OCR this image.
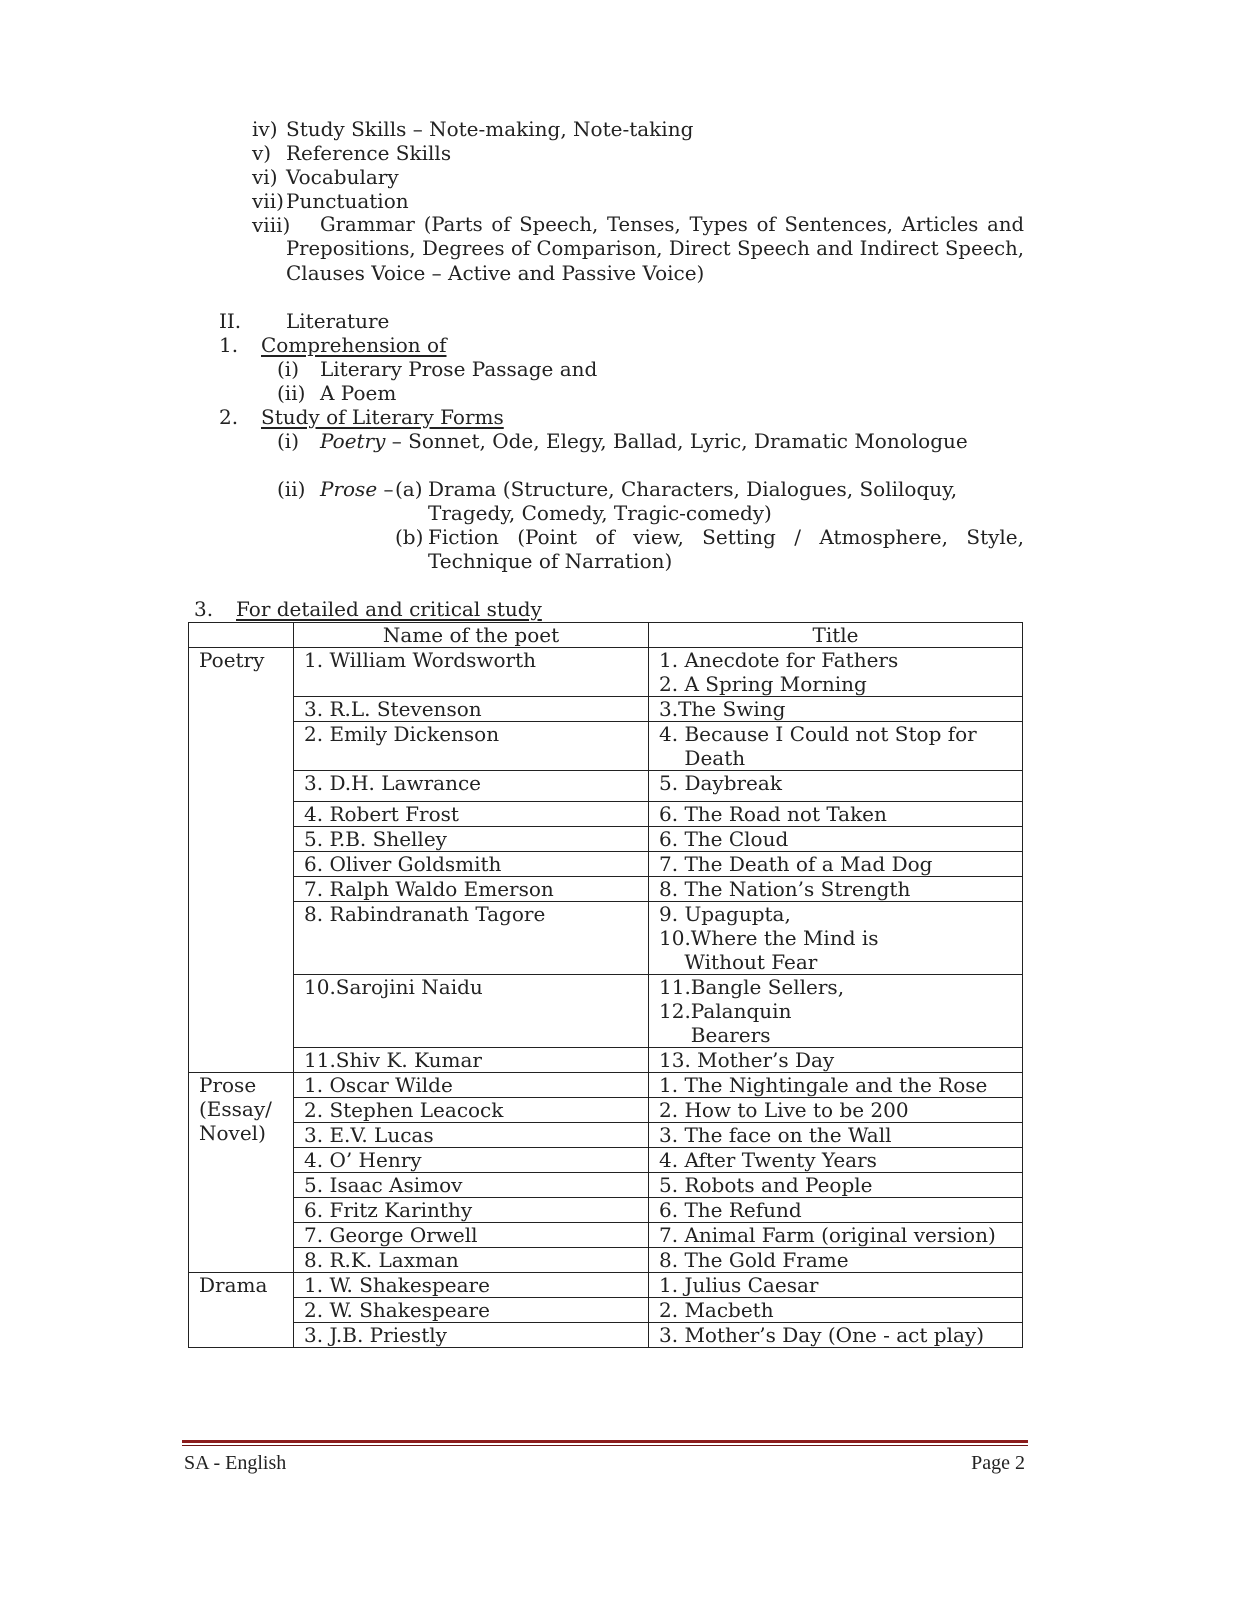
iv) Study Skills – Note-making, Note-taking
v) Reference Skills
vi) Vocabulary
vii) Punctuation
viii) Grammar (Parts of Speech, Tenses, Types of Sentences, Articles and
Prepositions, Degrees of Comparison, Direct Speech and Indirect Speech,
Clauses Voice – Active and Passive Voice)
II. Literature
1. Comprehension of
(i) Literary Prose Passage and
(ii) A Poem
2. Study of Literary Forms
(i) Poetry – Sonnet, Ode, Elegy, Ballad, Lyric, Dramatic Monologue
(ii) Prose – (a) Drama (Structure, Characters, Dialogues, Soliloquy,
Tragedy, Comedy, Tragic-comedy)
(b) Fiction (Point of view, Setting / Atmosphere, Style,
Technique of Narration)
3. For detailed and critical study
	Name of the poet	Title

Poetry	1. William Wordsworth	1. Anecdote for Fathers
2. A Spring Morning

	3. R.L. Stevenson	3.The Swing

	2. Emily Dickenson	4. Because I Could not Stop for
Death

	3. D.H. Lawrance	5. Daybreak

	4. Robert Frost	6. The Road not Taken

	5. P.B. Shelley	6. The Cloud

	6. Oliver Goldsmith	7. The Death of a Mad Dog

	7. Ralph Waldo Emerson	8. The Nation’s Strength

	8. Rabindranath Tagore	9. Upagupta,
10.Where the Mind is
Without Fear

	10.Sarojini Naidu	11.Bangle Sellers,
12.Palanquin
Bearers

	11.Shiv K. Kumar	13. Mother’s Day

Prose
(Essay/
Novel)	1. Oscar Wilde	1. The Nightingale and the Rose

	2. Stephen Leacock	2. How to Live to be 200

	3. E.V. Lucas	3. The face on the Wall

	4. O’ Henry	4. After Twenty Years

	5. Isaac Asimov	5. Robots and People

	6. Fritz Karinthy	6. The Refund

	7. George Orwell	7. Animal Farm (original version)

	8. R.K. Laxman	8. The Gold Frame

Drama	1. W. Shakespeare	1. Julius Caesar

	2. W. Shakespeare	2. Macbeth

	3. J.B. Priestly	3. Mother’s Day (One - act play)
SA - English	Page 2
